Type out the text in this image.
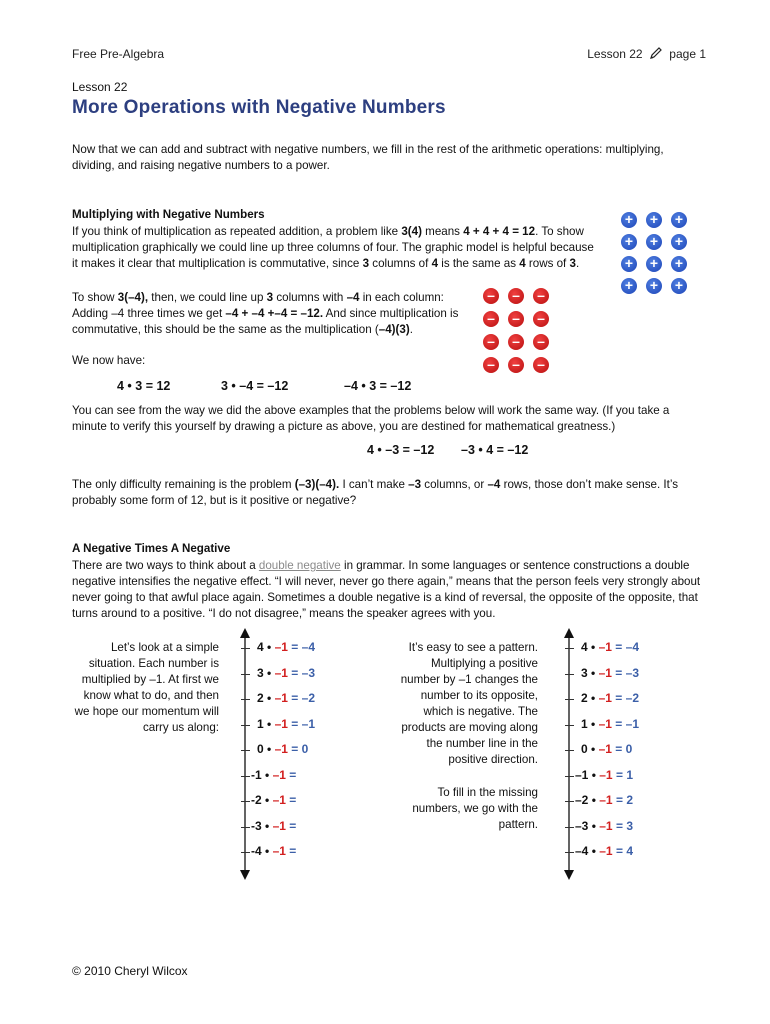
Free Pre-Algebra	Lesson 22 page 1
Lesson 22
More Operations with Negative Numbers
Now that we can add and subtract with negative numbers, we fill in the rest of the arithmetic operations: multiplying, dividing, and raising negative numbers to a power.
Multiplying with Negative Numbers
If you think of multiplication as repeated addition, a problem like 3(4) means 4 + 4 + 4 = 12. To show multiplication graphically we could line up three columns of four. The graphic model is helpful because it makes it clear that multiplication is commutative, since 3 columns of 4 is the same as 4 rows of 3.
+ + +
+ + +
+ + +
+ + +
To show 3(–4), then, we could line up 3 columns with –4 in each column: Adding –4 three times we get –4 + –4 +–4 = –12. And since multiplication is commutative, this should be the same as the multiplication (–4)(3).
– – –
– – –
– – –
– – –
We now have:
4 • 3 = 12	3 • –4 = –12	–4 • 3 = –12
You can see from the way we did the above examples that the problems below will work the same way. (If you take a minute to verify this yourself by drawing a picture as above, you are destined for mathematical greatness.)
4 • –3 = –12 –3 • 4 = –12
The only difficulty remaining is the problem (–3)(–4). I can’t make –3 columns, or –4 rows, those don’t make sense. It’s probably some form of 12, but is it positive or negative?
A Negative Times A Negative
There are two ways to think about a double negative in grammar. In some languages or sentence constructions a double negative intensifies the negative effect. “I will never, never go there again,” means that the person feels very strongly about never going to that awful place again. Sometimes a double negative is a kind of reversal, the opposite of the opposite, that turns around to a positive. “I do not disagree,” means the speaker agrees with you.
Let’s look at a simple situation. Each number is multiplied by –1. At first we know what to do, and then we hope our momentum will carry us along:
4 • –1 = –4
3 • –1 = –3
2 • –1 = –2
1 • –1 = –1
0 • –1 = 0
-1 • –1 =
-2 • –1 =
-3 • –1 =
-4 • –1 =
It’s easy to see a pattern. Multiplying a positive number by –1 changes the number to its opposite, which is negative. The products are moving along the number line in the positive direction.
To fill in the missing numbers, we go with the pattern.
4 • –1 = –4
3 • –1 = –3
2 • –1 = –2
1 • –1 = –1
0 • –1 = 0
–1 • –1 = 1
–2 • –1 = 2
–3 • –1 = 3
–4 • –1 = 4
© 2010 Cheryl Wilcox
